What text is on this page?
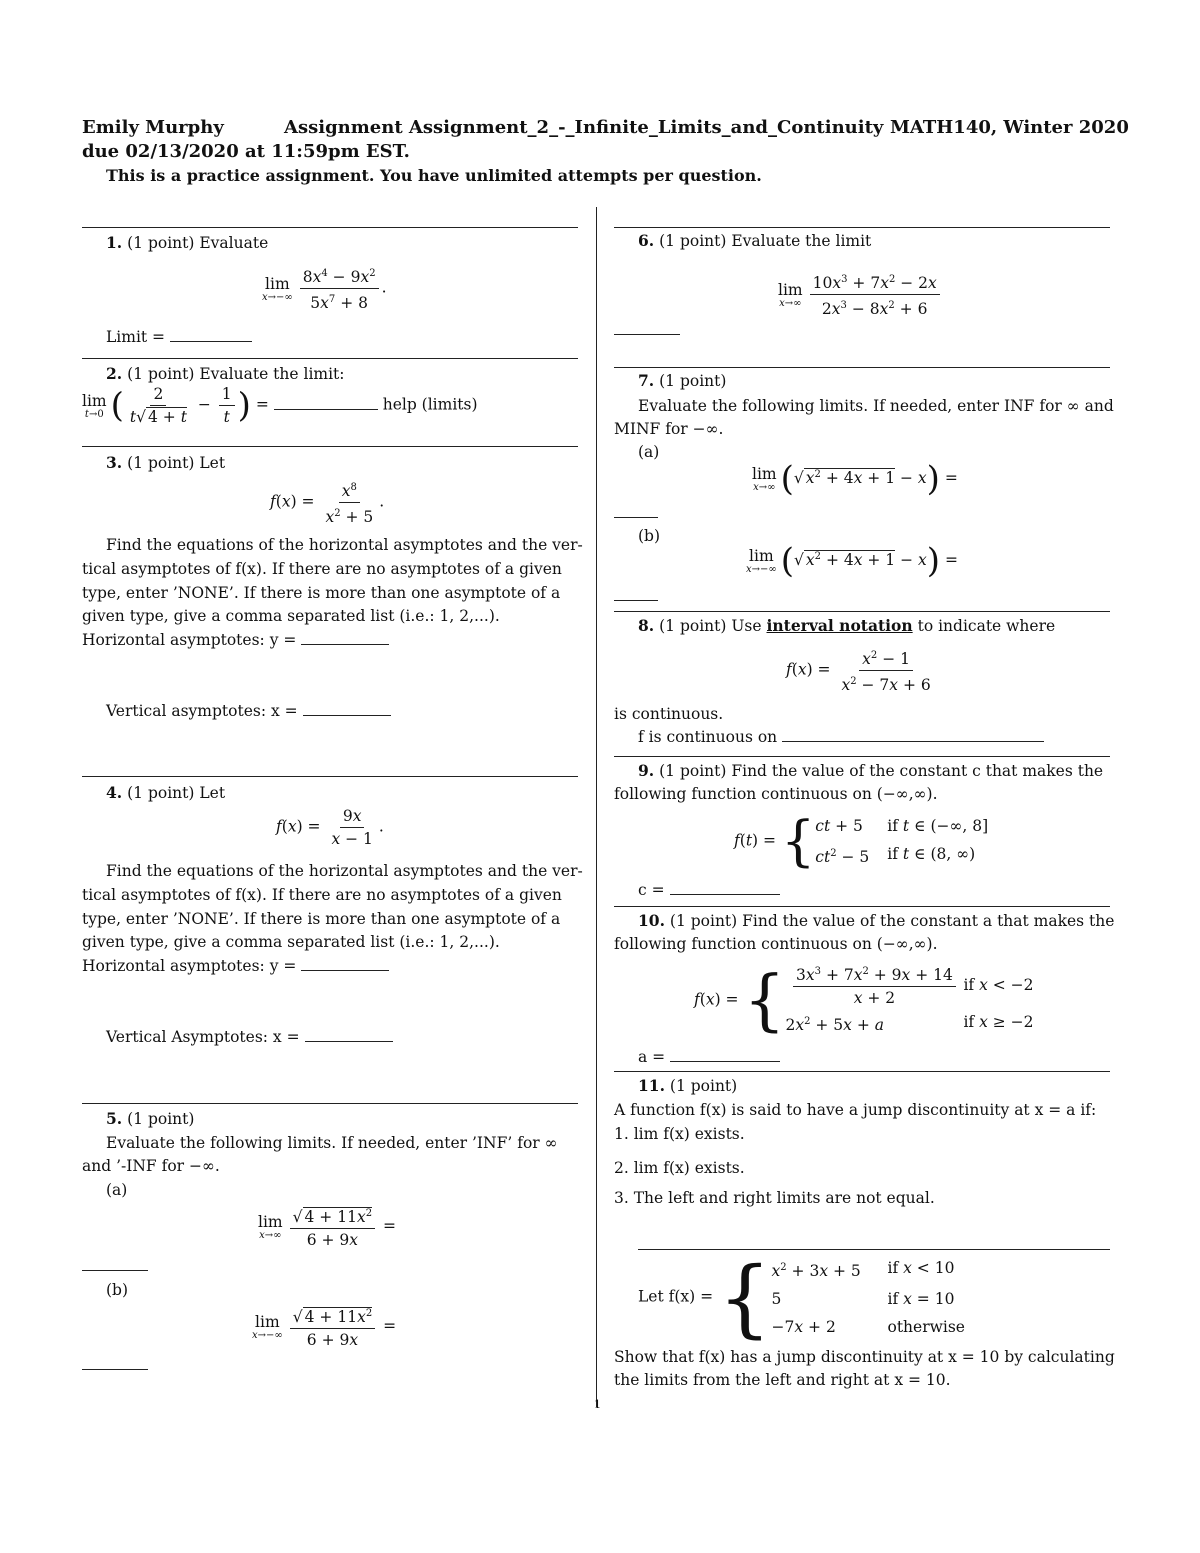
Emily Murphy	Assignment Assignment_2_-_Infinite_Limits_and_Continuity MATH140, Winter 2020
due 02/13/2020 at 11:59pm EST.
This is a practice assignment. You have unlimited attempts per question.
1. (1 point) Evaluate
lim
$x\to-\infty \frac{8x^4 - 9x^2}{5x^7 + 8}$ .
Limit =
2. (1 point) Evaluate the limit:
lim
t→0 ( $\frac{2}{t√ 4 + t} - \frac{1}{t}$ ) =	help (limits)
3. (1 point) Let
$f(x) = \frac{x^8}{x^2 + 5}$ .
Find the equations of the horizontal asymptotes and the ver-
tical asymptotes of f(x). If there are no asymptotes of a given
type, enter ’NONE’. If there is more than one asymptote of a
given type, give a comma separated list (i.e.: 1, 2,...).
Horizontal asymptotes: y =
Vertical asymptotes: x =
4. (1 point) Let
$f(x) = \frac{9x}{x - 1}$ .
Find the equations of the horizontal asymptotes and the ver-
tical asymptotes of f(x). If there are no asymptotes of a given
type, enter ’NONE’. If there is more than one asymptote of a
given type, give a comma separated list (i.e.: 1, 2,...).
Horizontal asymptotes: y =
Vertical Asymptotes: x =
5. (1 point)
Evaluate the following limits. If needed, enter ’INF’ for ∞
and ’-INF for −∞.
(a)
lim
$x\to\infty \frac{√ 4 + 11x^2}{6 + 9x}$ =
(b)
lim
$x\to-\infty \frac{√ 4 + 11x^2}{6 + 9x}$ =
6. (1 point) Evaluate the limit
lim
$x\to\infty \frac{10x^3 + 7x^2 - 2x}{2x^3 - 8x^2 + 6}$
7. (1 point)
Evaluate the following limits. If needed, enter INF for ∞ and
MINF for −∞.
(a)
lim
x→∞ (√ $x^2 + 4x + 1 - x$) =
(b)
lim
x→−∞ (√ $x^2 + 4x + 1 - x$) =
8. (1 point) Use interval notation to indicate where
$f(x) = \frac{x^2 - 1}{x^2 - 7x + 6}$
is continuous.
f is continuous on
9. (1 point) Find the value of the constant c that makes the
following function continuous on (−∞,∞).
f(t) = { ct + 5	if t ∈ (−∞, 8]
$ct^2 - 5$	if t ∈ (8, ∞)
c =
10. (1 point) Find the value of the constant a that makes the
following function continuous on (−∞,∞).
f(x) = { $\frac{3x^3 + 7x^2 + 9x + 14}{x + 2}$ if x < −2
$2x^2 + 5x + a$	if x ≥ −2
a =
11. (1 point)
A function f(x) is said to have a jump discontinuity at x = a if:
1. lim f(x) exists.
2. lim f(x) exists.
3. The left and right limits are not equal.
Let f(x) = { $x^2 + 3x + 5$	if x < 10
5	if x = 10
−7x + 2	otherwise
Show that f(x) has a jump discontinuity at x = 10 by calculating
the limits from the left and right at x = 10.
1
